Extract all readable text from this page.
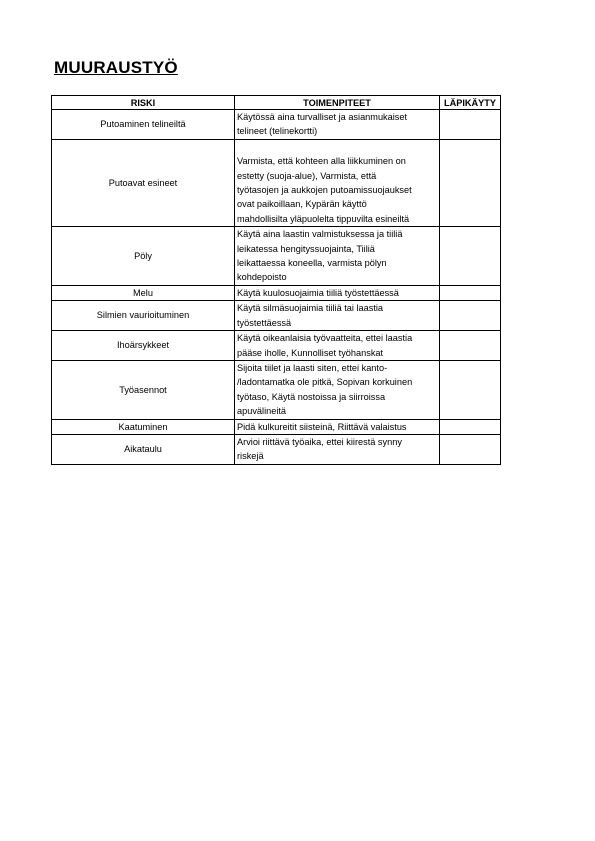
MUURAUSTYÖ
RISKI	TOIMENPITEET	LÄPIKÄYTY
Putoaminen telineiltä	Käytössä aina turvalliset ja asianmukaiset
telineet (telinekortti)	

Putoavat esineet	Varmista, että kohteen alla liikkuminen on
estetty (suoja-alue), Varmista, että
työtasojen ja aukkojen putoamissuojaukset
ovat paikoillaan, Kypärän käyttö
mahdollisilta yläpuolelta tippuvilta esineiltä	

Pöly	Käytä aina laastin valmistuksessa ja tiiliä
leikatessa hengityssuojainta, Tiiliä
leikattaessa koneella, varmista pölyn
kohdepoisto	

Melu	Käytä kuulosuojaimia tiiliä työstettäessä	

Silmien vaurioituminen	Käytä silmäsuojaimia tiiliä tai laastia
työstettäessä	

Ihoärsykkeet	Käytä oikeanlaisia työvaatteita, ettei laastia
pääse iholle, Kunnolliset työhanskat	

Työasennot	Sijoita tiilet ja laasti siten, ettei kanto-
/ladontamatka ole pitkä, Sopivan korkuinen
työtaso, Käytä nostoissa ja siirroissa
apuvälineitä	

Kaatuminen	Pidä kulkureitit siisteinä, Riittävä valaistus	

Aikataulu	Arvioi riittävä työaika, ettei kiirestä synny
riskejä	
